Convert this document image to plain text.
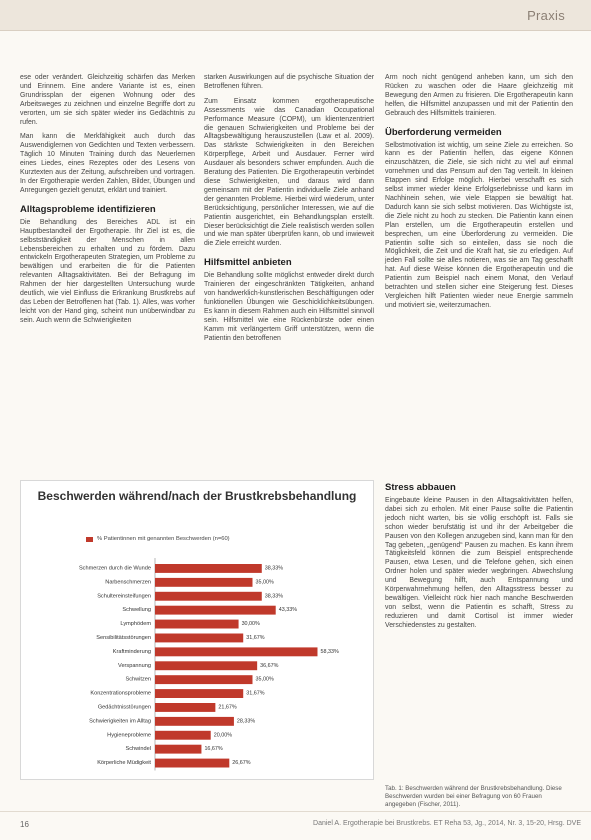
Praxis

ese oder verändert. Gleichzeitig schärfen das Merken und Erinnern. Eine andere Variante ist es, einen Grundrissplan der eigenen Wohnung oder des Arbeitsweges zu zeichnen und einzelne Begriffe dort zu verorten, um sie sich später wieder ins Gedächtnis zu rufen.

Man kann die Merkfähigkeit auch durch das Auswendiglernen von Gedichten und Texten verbessern. Täglich 10 Minuten Training durch das Neuerlernen eines Liedes, eines Rezeptes oder des Lesens von Kurztexten aus der Zeitung, aufschreiben und vortragen. In der Ergotherapie werden Zahlen, Bilder, Übungen und Anregungen gezielt genutzt, erklärt und trainiert.

Alltagsprobleme identifizieren

Die Behandlung des Bereiches ADL ist ein Hauptbestandteil der Ergotherapie. Ihr Ziel ist es, die selbstständigkeit der Menschen in allen Lebensbereichen zu erhalten und zu fördern. Dazu entwickeln Ergotherapeuten Strategien, um Probleme zu bewältigen und erarbeiten die für die Patienten relevanten Alltagsaktivitäten. Bei der Befragung im Rahmen der hier dargestellten Untersuchung wurde deutlich, wie viel Einfluss die Erkrankung Brustkrebs auf das Leben der Betroffenen hat (Tab. 1). Alles, was vorher leicht von der Hand ging, scheint nun unüberwindbar zu sein. Auch wenn die Schwierigkeiten

starken Auswirkungen auf die psychische Situation der Betroffenen führen.

Zum Einsatz kommen ergotherapeutische Assessments wie das Canadian Occupational Performance Measure (COPM), um klientenzentriert die genauen Schwierigkeiten und Probleme bei der Alltagsbewältigung herauszustellen (Law et al. 2009). Das stärkste Schwierigkeiten in den Bereichen Körperpflege, Arbeit und Ausdauer. Ferner wird Ausdauer als besonders schwer empfunden. Auch die Beratung des Patienten. Die Ergotherapeutin verbindet diese Schwierigkeiten, und daraus wird dann gemeinsam mit der Patientin individuelle Ziele anhand der genannten Probleme. Hierbei wird wiederum, unter Berücksichtigung, persönlicher Interessen, wie auf die Patientin ausgerichtet, ein Behandlungsplan erstellt. Dieser berücksichtigt die Ziele realistisch werden sollen und wie man später überprüfen kann, ob und inwieweit die Ziele erreicht wurden.

Hilfsmittel anbieten

Die Behandlung sollte möglichst entweder direkt durch Trainieren der eingeschränkten Tätigkeiten, anhand von handwerklich-kunstlerischen Beschäftigungen oder funktionellen Übungen wie Geschicklichkeitsübungen. Es kann in diesem Rahmen auch ein Hilfsmittel sinnvoll sein. Hilfsmittel wie eine Rückenbürste oder einen Kamm mit verlängertem Griff unterstützen, wenn die Patientin den betroffenen

Arm noch nicht genügend anheben kann, um sich den Rücken zu waschen oder die Haare gleichzeitig mit Bewegung den Armen zu frisieren. Die Ergotherapeutin kann helfen, die Hilfsmittel anzupassen und mit der Patientin den Gebrauch des Hilfsmittels trainieren.

Überforderung vermeiden

Selbstmotivation ist wichtig, um seine Ziele zu erreichen. So kann es der Patientin helfen, das eigene Können einzuschätzen, die Ziele, sie sich nicht zu viel auf einmal vornehmen und das Pensum auf den Tag verteilt. In kleinen Etappen sind Erfolge möglich. Hierbei verschafft es sich selbst immer wieder kleine Erfolgserlebnisse und kann im Nachhinein sehen, wie viele Etappen sie bewältigt hat. Dadurch kann sie sich selbst motivieren. Das Wichtigste ist, die Ziele nicht zu hoch zu stecken. Die Patientin kann einen Plan erstellen, um die Ergotherapeutin erstellen und besprechen, um eine Überforderung zu vermeiden. Die Patientin sollte sich so einteilen, dass sie noch die Möglichkeit, die Zeit und die Kraft hat, sie zu erledigen. Auf jeden Fall sollte sie alles notieren, was sie am Tag geschafft hat. Auf diese Weise können die Ergotherapeutin und die Patientin zum Beispiel nach einem Monat, den Verlauf betrachten und stellen sicher eine Steigerung fest. Dieses Vergleichen hilft Patienten wieder neue Energie sammeln und motiviert sie, weiterzumachen.

Stress abbauen

Eingebaute kleine Pausen in den Alltagsaktivitäten helfen, dabei sich zu erholen. Mit einer Pause sollte die Patientin jedoch nicht warten, bis sie völlig erschöpft ist. Falls sie schon wieder berufstätig ist und ihr der Arbeitgeber die Pausen von den Kollegen anzugeben sind, kann man für den Tag gebeten, „genügend“ Pausen zu machen. Es kann ihrem Tätigkeitsfeld können die zum Beispiel entsprechende Pausen, etwa Lesen, und die Telefone gehen, sich einen Ordner holen und später wieder wegbringen. Abwechslung und Bewegung hilft, auch Entspannung und Körperwahrnehmung helfen, den Alltagsstress besser zu bewältigen. Vielleicht rück hier nach manche Beschwerden von selbst, wenn die Patientin es schafft, Stress zu reduzieren und damit Cortisol ist immer wieder Verschiedenstes zu gestalten.

Beschwerden während/nach der Brustkrebsbehandlung
% Patientinnen mit genannten Beschwerden (n=60)
Schmerzen durch die Wunde	38,33%
Narbenschmerzen	35,00%
Schultereinsteifungen	38,33%
Schwellung	43,33%
Lymphödem	30,00%
Sensibilitätsstörungen	31,67%
Kraftminderung	58,33%
Verspannung	36,67%
Schwitzen	35,00%
Konzentrationsprobleme	31,67%
Gedächtnisstörungen	21,67%
Schwierigkeiten im Alltag	28,33%
Hygieneprobleme	20,00%
Schwindel	16,67%
Körperliche Müdigkeit	26,67%
Tab. 1: Beschwerden während der Brustkrebsbehandlung. Diese Beschwerden wurden bei einer Befragung von 60 Frauen angegeben (Fischer, 2011).
16	Daniel A. Ergotherapie bei Brustkrebs. ET Reha 53, Jg., 2014, Nr. 3, 15-20, Hrsg. DVE
